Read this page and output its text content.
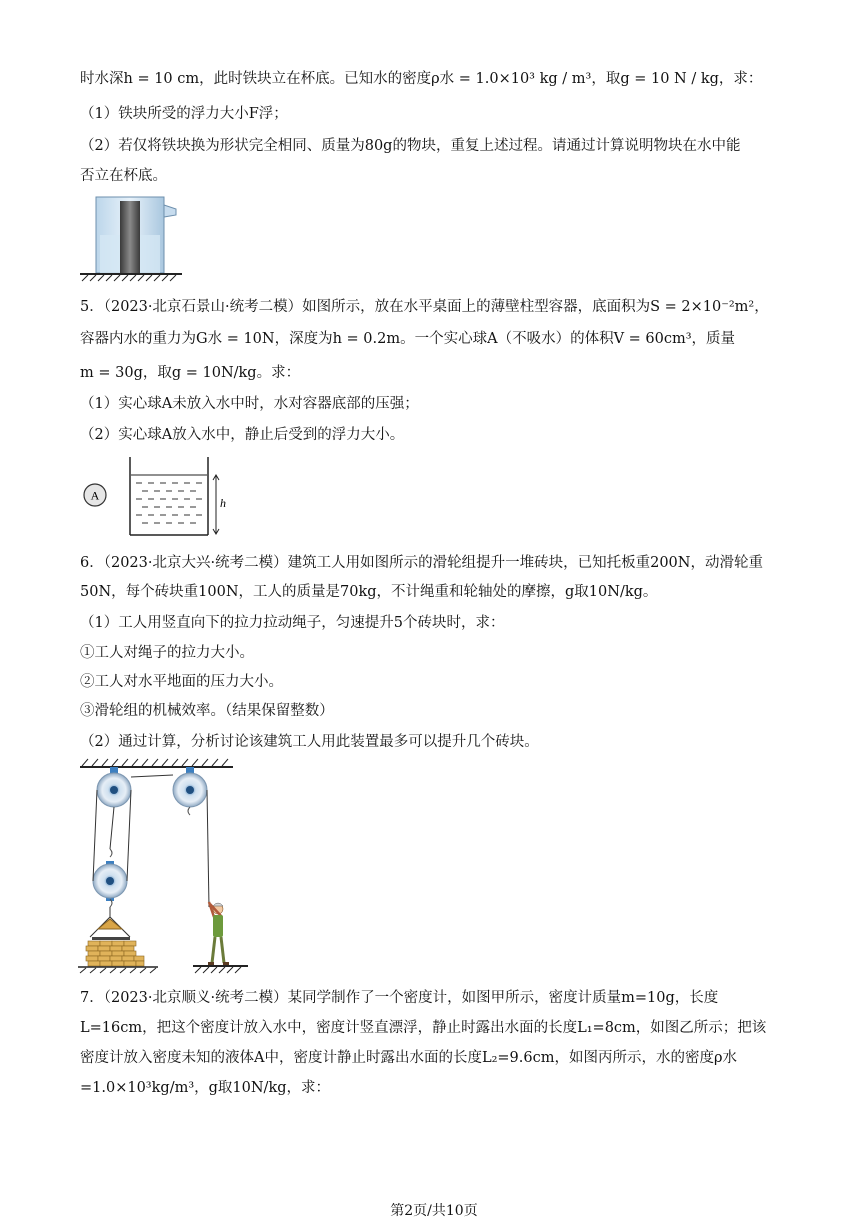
时水深h = 10 cm，此时铁块立在杯底。已知水的密度ρ水 = 1.0×10³ kg / m³，取g = 10 N / kg，求：
（1）铁块所受的浮力大小F浮；
（2）若仅将铁块换为形状完全相同、质量为80g的物块，重复上述过程。请通过计算说明物块在水中能
否立在杯底。
5．（2023·北京石景山·统考二模）如图所示，放在水平桌面上的薄壁柱型容器，底面积为S = 2×10⁻²m²，
容器内水的重力为G水 = 10N，深度为h = 0.2m。一个实心球A（不吸水）的体积V = 60cm³，质量
m = 30g，取g = 10N/kg。求：
（1）实心球A未放入水中时，水对容器底部的压强；
（2）实心球A放入水中，静止后受到的浮力大小。
A
h
6．（2023·北京大兴·统考二模）建筑工人用如图所示的滑轮组提升一堆砖块，已知托板重200N，动滑轮重
50N，每个砖块重100N，工人的质量是70kg，不计绳重和轮轴处的摩擦，g取10N/kg。
（1）工人用竖直向下的拉力拉动绳子，匀速提升5个砖块时，求：
①工人对绳子的拉力大小。
②工人对水平地面的压力大小。
③滑轮组的机械效率。（结果保留整数）
（2）通过计算，分析讨论该建筑工人用此装置最多可以提升几个砖块。
7．（2023·北京顺义·统考二模）某同学制作了一个密度计，如图甲所示，密度计质量m=10g，长度
L=16cm，把这个密度计放入水中，密度计竖直漂浮，静止时露出水面的长度L₁=8cm，如图乙所示；把该
密度计放入密度未知的液体A中，密度计静止时露出水面的长度L₂=9.6cm，如图丙所示，水的密度ρ水
=1.0×10³kg/m³，g取10N/kg，求：
第2页/共10页
